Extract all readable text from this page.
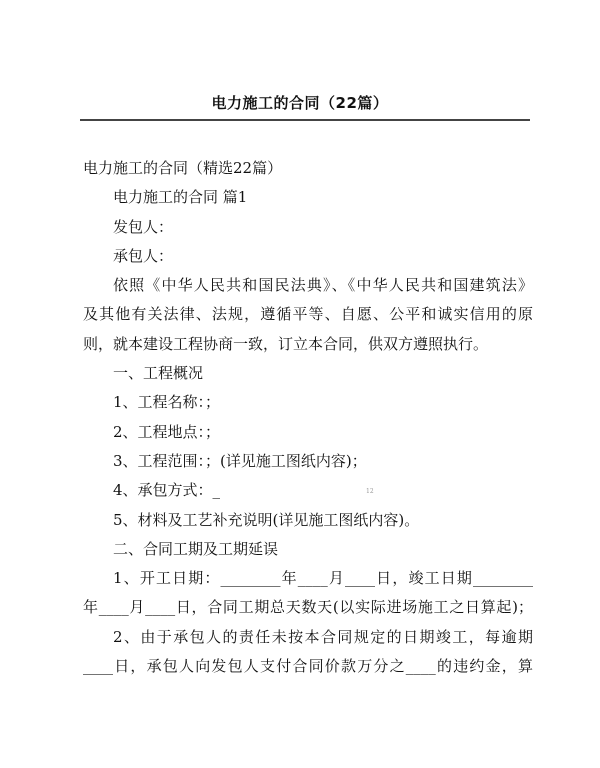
电力施工的合同（22篇）
电力施工的合同（精选22篇）
电力施工的合同 篇1
发包人：
承包人：
依照《中华人民共和国民法典》、《中华人民共和国建筑法》
及其他有关法律、法规，遵循平等、自愿、公平和诚实信用的原
则，就本建设工程协商一致，订立本合同，供双方遵照执行。
一、工程概况
1、工程名称：；
2、工程地点：；
3、工程范围：；(详见施工图纸内容)；
4、承包方式：_	12
5、材料及工艺补充说明(详见施工图纸内容)。
二、合同工期及工期延误
1、开工日期：________年____月____日，竣工日期________
年____月____日，合同工期总天数天(以实际进场施工之日算起)；
2、由于承包人的责任未按本合同规定的日期竣工，每逾期
____日，承包人向发包人支付合同价款万分之____的违约金，算
